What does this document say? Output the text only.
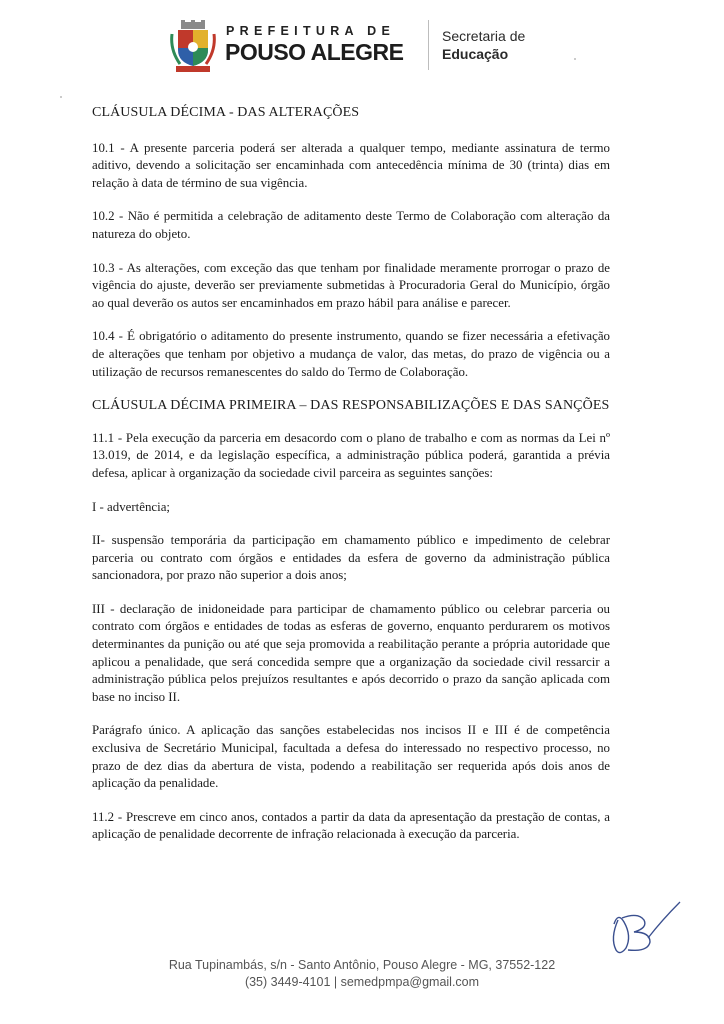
PREFEITURA DE
POUSO ALEGRE
Secretaria de
Educação
CLÁUSULA DÉCIMA - DAS ALTERAÇÕES

10.1 - A presente parceria poderá ser alterada a qualquer tempo, mediante assinatura de termo aditivo, devendo a solicitação ser encaminhada com antecedência mínima de 30 (trinta) dias em relação à data de término de sua vigência.

10.2 - Não é permitida a celebração de aditamento deste Termo de Colaboração com alteração da natureza do objeto.

10.3 - As alterações, com exceção das que tenham por finalidade meramente prorrogar o prazo de vigência do ajuste, deverão ser previamente submetidas à Procuradoria Geral do Município, órgão ao qual deverão os autos ser encaminhados em prazo hábil para análise e parecer.

10.4 - É obrigatório o aditamento do presente instrumento, quando se fizer necessária a efetivação de alterações que tenham por objetivo a mudança de valor, das metas, do prazo de vigência ou a utilização de recursos remanescentes do saldo do Termo de Colaboração.

CLÁUSULA DÉCIMA PRIMEIRA – DAS RESPONSABILIZAÇÕES E DAS SANÇÕES

11.1 - Pela execução da parceria em desacordo com o plano de trabalho e com as normas da Lei nº 13.019, de 2014, e da legislação específica, a administração pública poderá, garantida a prévia defesa, aplicar à organização da sociedade civil parceira as seguintes sanções:

I - advertência;

II- suspensão temporária da participação em chamamento público e impedimento de celebrar parceria ou contrato com órgãos e entidades da esfera de governo da administração pública sancionadora, por prazo não superior a dois anos;

III - declaração de inidoneidade para participar de chamamento público ou celebrar parceria ou contrato com órgãos e entidades de todas as esferas de governo, enquanto perdurarem os motivos determinantes da punição ou até que seja promovida a reabilitação perante a própria autoridade que aplicou a penalidade, que será concedida sempre que a organização da sociedade civil ressarcir a administração pública pelos prejuízos resultantes e após decorrido o prazo da sanção aplicada com base no inciso II.

Parágrafo único. A aplicação das sanções estabelecidas nos incisos II e III é de competência exclusiva de Secretário Municipal, facultada a defesa do interessado no respectivo processo, no prazo de dez dias da abertura de vista, podendo a reabilitação ser requerida após dois anos de aplicação da penalidade.

11.2 - Prescreve em cinco anos, contados a partir da data da apresentação da prestação de contas, a aplicação de penalidade decorrente de infração relacionada à execução da parceria.

Rua Tupinambás, s/n - Santo Antônio, Pouso Alegre - MG, 37552-122
(35) 3449-4101 | semedpmpa@gmail.com
